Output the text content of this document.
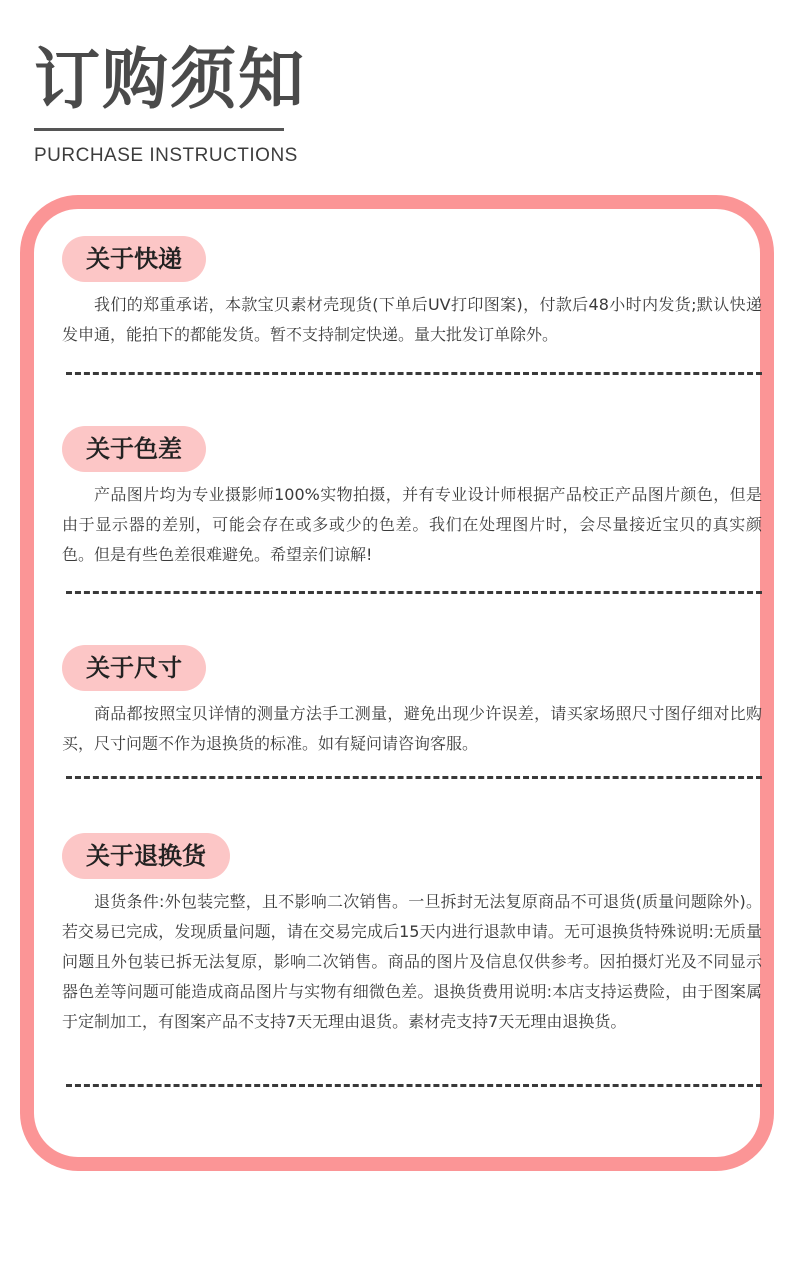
订购须知
PURCHASE INSTRUCTIONS
关于快递

我们的郑重承诺，本款宝贝素材壳现货(下单后UV打印图案)，付款后48小时内发货;默认快递发申通，能拍下的都能发货。暂不支持制定快递。量大批发订单除外。

关于色差

产品图片均为专业摄影师100%实物拍摄，并有专业设计师根据产品校正产品图片颜色，但是由于显示器的差别，可能会存在或多或少的色差。我们在处理图片时，会尽量接近宝贝的真实颜色。但是有些色差很难避免。希望亲们谅解!

关于尺寸

商品都按照宝贝详情的测量方法手工测量，避免出现少许误差，请买家场照尺寸图仔细对比购买，尺寸问题不作为退换货的标准。如有疑问请咨询客服。

关于退换货

退货条件:外包装完整，且不影响二次销售。一旦拆封无法复原商品不可退货(质量问题除外)。若交易已完成，发现质量问题，请在交易完成后15天内进行退款申请。无可退换货特殊说明:无质量问题且外包装已拆无法复原，影响二次销售。商品的图片及信息仅供参考。因拍摄灯光及不同显示器色差等问题可能造成商品图片与实物有细微色差。退换货费用说明:本店支持运费险，由于图案属于定制加工，有图案产品不支持7天无理由退货。素材壳支持7天无理由退换货。
